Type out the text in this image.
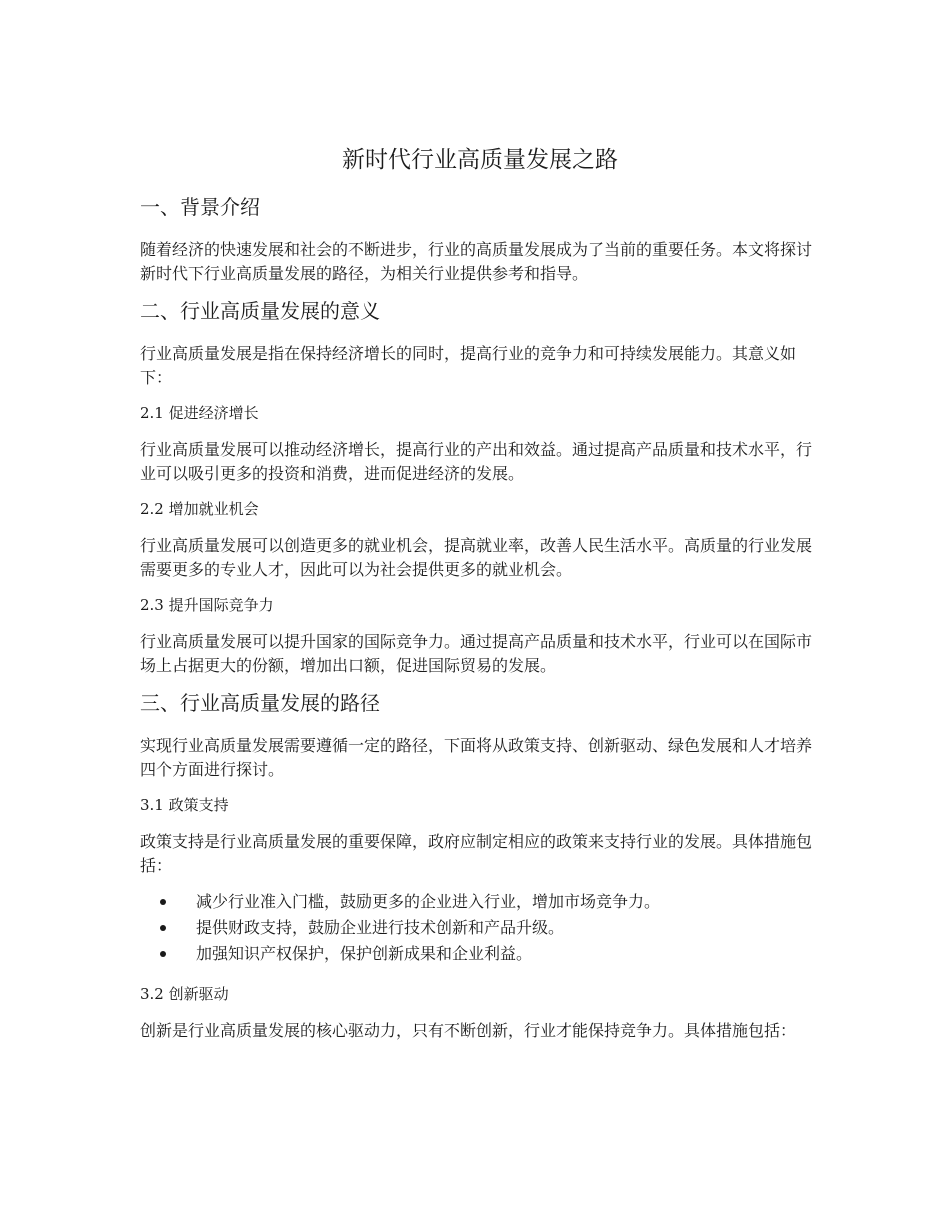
新时代行业高质量发展之路
一、背景介绍

随着经济的快速发展和社会的不断进步，行业的高质量发展成为了当前的重要任务。本文将探讨新时代下行业高质量发展的路径，为相关行业提供参考和指导。

二、行业高质量发展的意义

行业高质量发展是指在保持经济增长的同时，提高行业的竞争力和可持续发展能力。其意义如下：

2.1 促进经济增长

行业高质量发展可以推动经济增长，提高行业的产出和效益。通过提高产品质量和技术水平，行业可以吸引更多的投资和消费，进而促进经济的发展。

2.2 增加就业机会

行业高质量发展可以创造更多的就业机会，提高就业率，改善人民生活水平。高质量的行业发展需要更多的专业人才，因此可以为社会提供更多的就业机会。

2.3 提升国际竞争力

行业高质量发展可以提升国家的国际竞争力。通过提高产品质量和技术水平，行业可以在国际市场上占据更大的份额，增加出口额，促进国际贸易的发展。

三、行业高质量发展的路径

实现行业高质量发展需要遵循一定的路径，下面将从政策支持、创新驱动、绿色发展和人才培养四个方面进行探讨。

3.1 政策支持

政策支持是行业高质量发展的重要保障，政府应制定相应的政策来支持行业的发展。具体措施包括：

减少行业准入门槛，鼓励更多的企业进入行业，增加市场竞争力。
提供财政支持，鼓励企业进行技术创新和产品升级。
加强知识产权保护，保护创新成果和企业利益。
3.2 创新驱动

创新是行业高质量发展的核心驱动力，只有不断创新，行业才能保持竞争力。具体措施包括：
